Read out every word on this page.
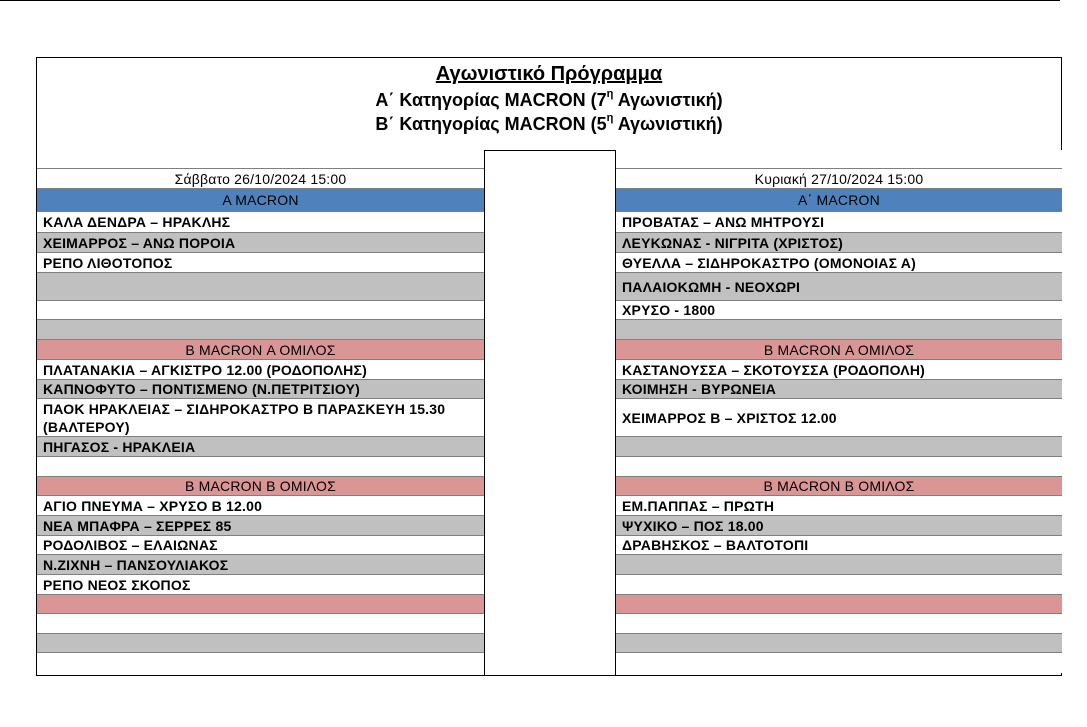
Αγωνιστικό Πρόγραμμα
Α΄ Κατηγορίας MACRON ($7^\eta$ Αγωνιστική)
Β΄ Κατηγορίας MACRON ($5^\eta$ Αγωνιστική)
Σάββατο 26/10/2024 15:00
Α MACRON
ΚΑΛΑ ΔΕΝΔΡΑ – ΗΡΑΚΛΗΣ
ΧΕΙΜΑΡΡΟΣ – ΑΝΩ ΠΟΡΟΙΑ
ΡΕΠΟ ΛΙΘΟΤΟΠΟΣ
Β MACRON Α ΟΜΙΛΟΣ
ΠΛΑΤΑΝΑΚΙΑ – ΑΓΚΙΣΤΡΟ 12.00 (ΡΟΔΟΠΟΛΗΣ)
ΚΑΠΝΟΦΥΤΟ – ΠΟΝΤΙΣΜΕΝΟ (Ν.ΠΕΤΡΙΤΣΙΟΥ)
ΠΑΟΚ ΗΡΑΚΛΕΙΑΣ – ΣΙΔΗΡΟΚΑΣΤΡΟ Β ΠΑΡΑΣΚΕΥΗ 15.30 (ΒΑΛΤΕΡΟΥ)
ΠΗΓΑΣΟΣ - ΗΡΑΚΛΕΙΑ
Β MACRON Β ΟΜΙΛΟΣ
ΑΓΙΟ ΠΝΕΥΜΑ – ΧΡΥΣΟ Β 12.00
ΝΕΑ ΜΠΑΦΡΑ – ΣΕΡΡΕΣ 85
ΡΟΔΟΛΙΒΟΣ – ΕΛΑΙΩΝΑΣ
Ν.ΖΙΧΝΗ – ΠΑΝΣΟΥΛΙΑΚΟΣ
ΡΕΠΟ ΝΕΟΣ ΣΚΟΠΟΣ
Κυριακή 27/10/2024 15:00
Α΄ MACRON
ΠΡΟΒΑΤΑΣ – ΑΝΩ ΜΗΤΡΟΥΣΙ
ΛΕΥΚΩΝΑΣ - ΝΙΓΡΙΤΑ (ΧΡΙΣΤΟΣ)
ΘΥΕΛΛΑ – ΣΙΔΗΡΟΚΑΣΤΡΟ (ΟΜΟΝΟΙΑΣ Α)
ΠΑΛΑΙΟΚΩΜΗ - ΝΕΟΧΩΡΙ
ΧΡΥΣΟ - 1800
Β MACRON Α ΟΜΙΛΟΣ
ΚΑΣΤΑΝΟΥΣΣΑ – ΣΚΟΤΟΥΣΣΑ (ΡΟΔΟΠΟΛΗ)
ΚΟΙΜΗΣΗ - ΒΥΡΩΝΕΙΑ
ΧΕΙΜΑΡΡΟΣ Β – ΧΡΙΣΤΟΣ 12.00
Β MACRON Β ΟΜΙΛΟΣ
ΕΜ.ΠΑΠΠΑΣ – ΠΡΩΤΗ
ΨΥΧΙΚΟ – ΠΟΣ 18.00
ΔΡΑΒΗΣΚΟΣ – ΒΑΛΤΟΤΟΠΙ
